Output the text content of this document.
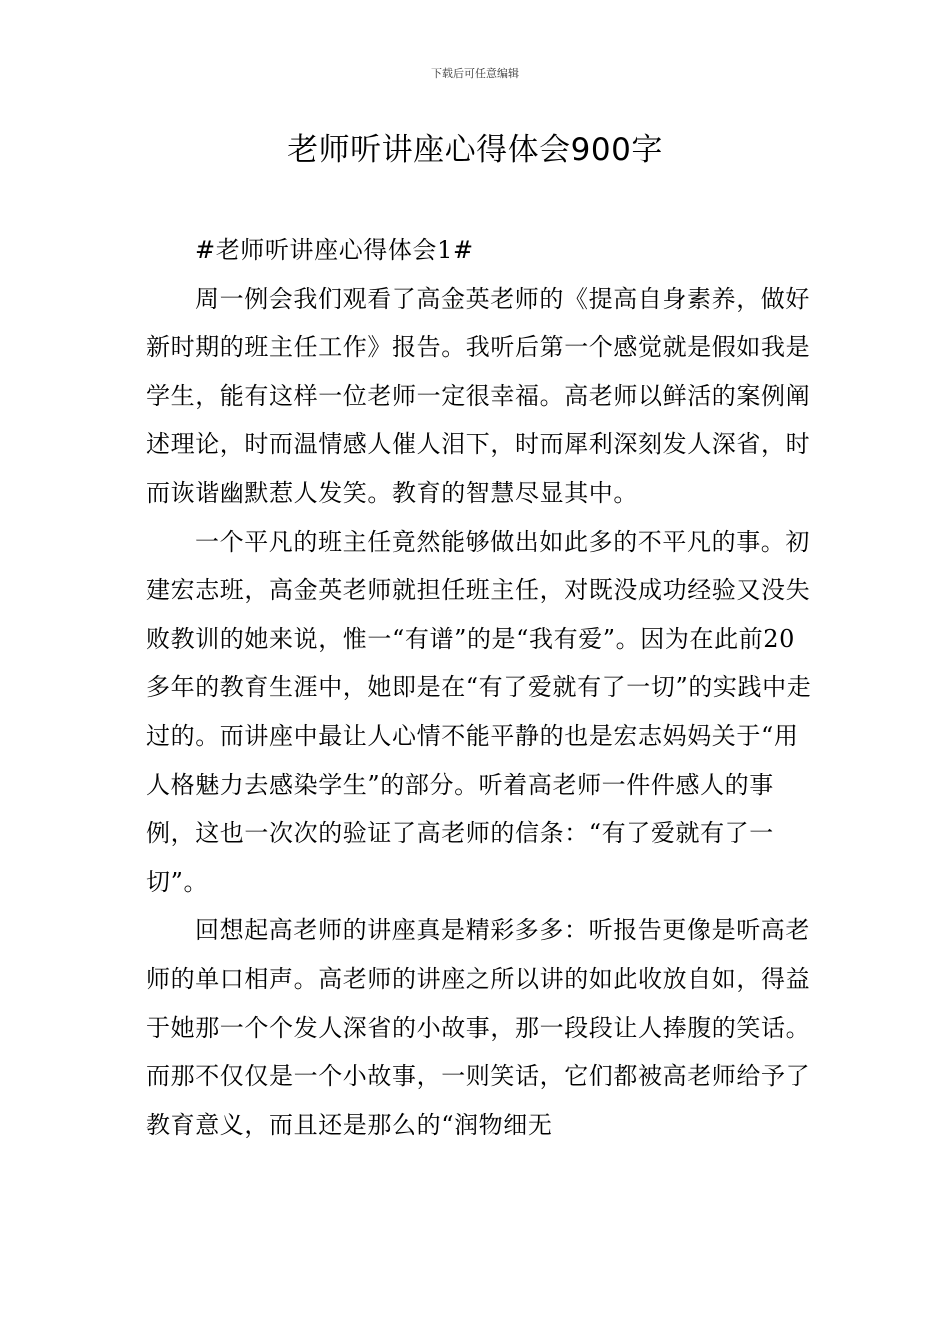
下载后可任意编辑
老师听讲座心得体会900字

#老师听讲座心得体会1#

周一例会我们观看了高金英老师的《提高自身素养，做好新时期的班主任工作》报告。我听后第一个感觉就是假如我是学生，能有这样一位老师一定很幸福。高老师以鲜活的案例阐述理论，时而温情感人催人泪下，时而犀利深刻发人深省，时而诙谐幽默惹人发笑。教育的智慧尽显其中。

一个平凡的班主任竟然能够做出如此多的不平凡的事。初建宏志班，高金英老师就担任班主任，对既没成功经验又没失败教训的她来说，惟一“有谱”的是“我有爱”。因为在此前20多年的教育生涯中，她即是在“有了爱就有了一切”的实践中走过的。而讲座中最让人心情不能平静的也是宏志妈妈关于“用人格魅力去感染学生”的部分。听着高老师一件件感人的事例，这也一次次的验证了高老师的信条：“有了爱就有了一切”。

回想起高老师的讲座真是精彩多多：听报告更像是听高老师的单口相声。高老师的讲座之所以讲的如此收放自如，得益于她那一个个发人深省的小故事，那一段段让人捧腹的笑话。而那不仅仅是一个小故事，一则笑话，它们都被高老师给予了教育意义，而且还是那么的“润物细无
